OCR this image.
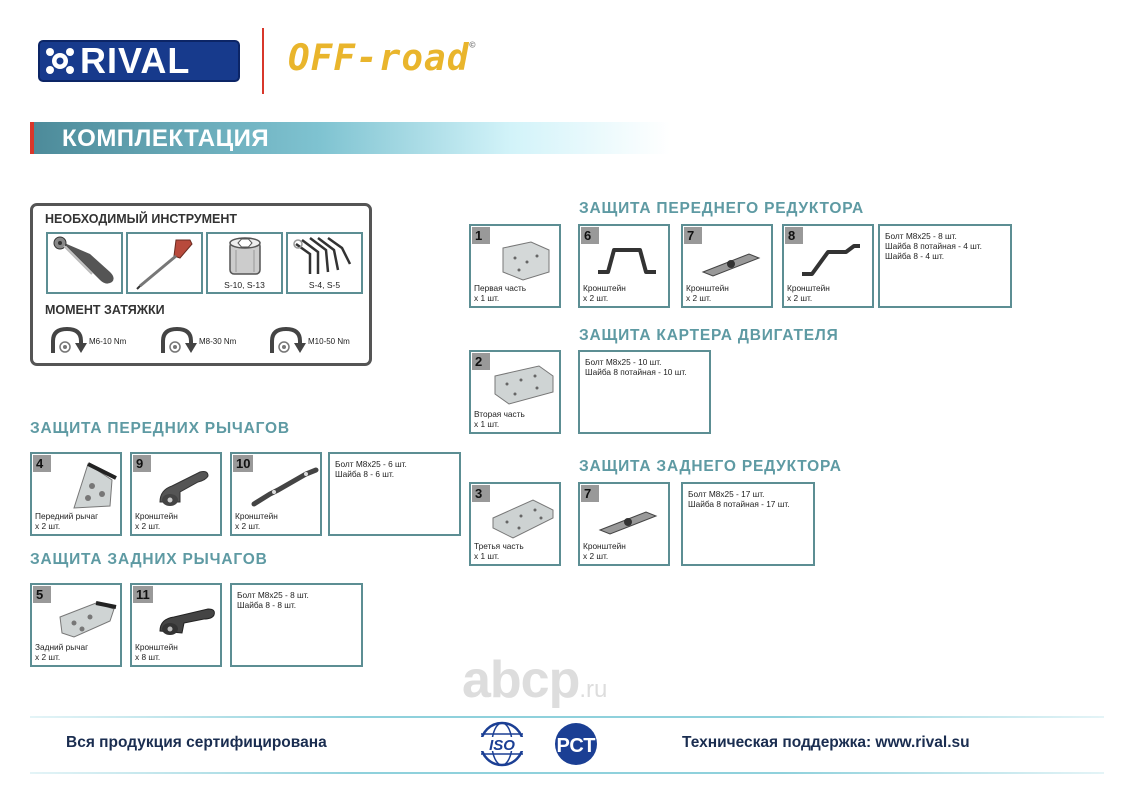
RIVAL	OFF-road©
КОМПЛЕКТАЦИЯ
НЕОБХОДИМЫЙ ИНСТРУМЕНТ
S-10, S-13	S-4, S-5
МОМЕНТ ЗАТЯЖКИ
M6-10 Nm	M8-30 Nm	M10-50 Nm
ЗАЩИТА ПЕРЕДНЕГО РЕДУКТОРА
ЗАЩИТА КАРТЕРА ДВИГАТЕЛЯ
ЗАЩИТА ЗАДНЕГО РЕДУКТОРА
ЗАЩИТА ПЕРЕДНИХ РЫЧАГОВ
ЗАЩИТА ЗАДНИХ РЫЧАГОВ
1
Первая часть
х 1 шт.
2
Вторая часть
х 1 шт.
3
Третья часть
х 1 шт.
6
Кронштейн
х 2 шт.
7
Кронштейн
х 2 шт.
8
Кронштейн
х 2 шт.
Болт М8х25 - 8 шт.
Шайба 8 потайная - 4 шт.
Шайба 8 - 4 шт.
Болт М8х25 - 10 шт.
Шайба 8 потайная - 10 шт.
7
Кронштейн
х 2 шт.
Болт М8х25 - 17 шт.
Шайба 8 потайная - 17 шт.
4
Передний рычаг
х 2 шт.
9
Кронштейн
х 2 шт.
10
Кронштейн
х 2 шт.
Болт М8х25 - 6 шт.
Шайба 8 - 6 шт.
5
Задний рычаг
х 2 шт.
11
Кронштейн
х 8 шт.
Болт М8х25 - 8 шт.
Шайба 8 - 8 шт.
abcp.ru
Вся продукция сертифицирована	ISO РСТ	Техническая поддержка: www.rival.su
